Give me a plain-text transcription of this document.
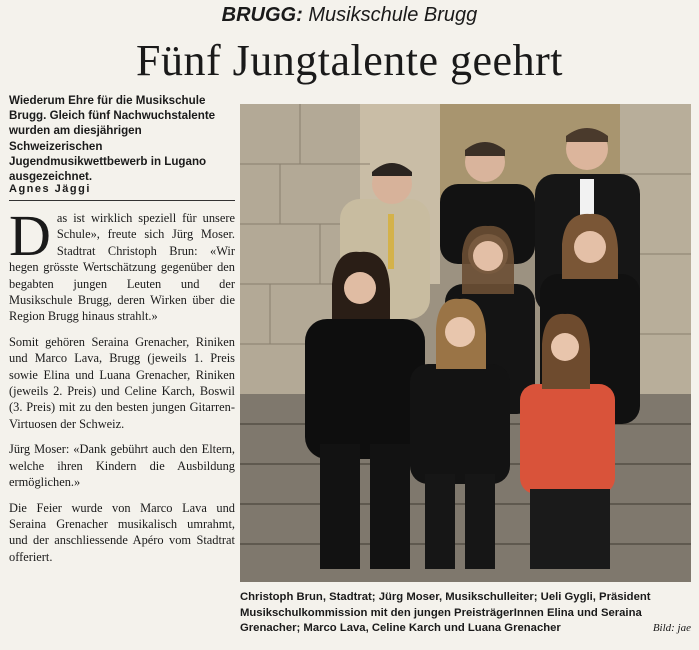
BRUGG: Musikschule Brugg
Fünf Jungtalente geehrt
Wiederum Ehre für die Musikschule Brugg. Gleich fünf Nachwuchstalente wurden am diesjährigen Schweizerischen Jugendmusikwettbewerb in Lugano ausgezeichnet.
Agnes Jäggi

Das ist wirklich speziell für unsere Schule», freute sich Jürg Moser. Stadtrat Christoph Brun: «Wir hegen grösste Wertschätzung gegenüber den begabten jungen Leuten und der Musikschule Brugg, deren Wirken über die Region Brugg hinaus strahlt.»

Somit gehören Seraina Grenacher, Riniken und Marco Lava, Brugg (jeweils 1. Preis sowie Elina und Luana Grenacher, Riniken (jeweils 2. Preis) und Celine Karch, Boswil (3. Preis) mit zu den besten jungen Gitarren-Virtuosen der Schweiz.

Jürg Moser: «Dank gebührt auch den Eltern, welche ihren Kindern die Ausbildung ermöglichen.»

Die Feier wurde von Marco Lava und Seraina Grenacher musikalisch umrahmt, und der anschliessende Apéro vom Stadtrat offeriert.

Christoph Brun, Stadtrat; Jürg Moser, Musikschulleiter; Ueli Gygli, Präsident Musikschulkommission mit den jungen PreisträgerInnen Elina und Seraina Grenacher; Marco Lava, Celine Karch und Luana Grenacher	Bild: jae
